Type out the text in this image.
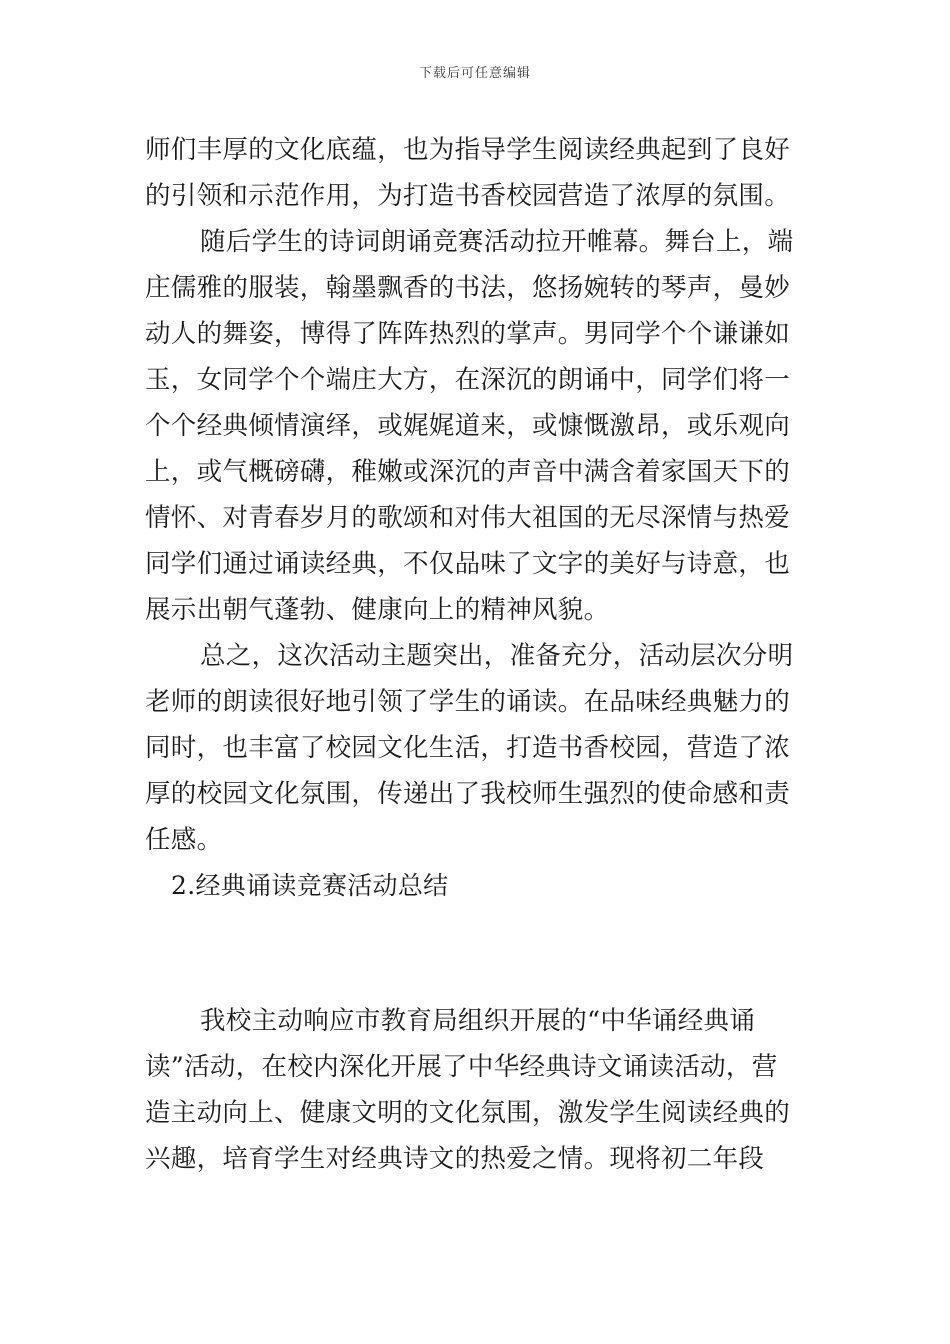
下载后可任意编辑
师们丰厚的文化底蕴，也为指导学生阅读经典起到了良好
的引领和示范作用，为打造书香校园营造了浓厚的氛围。
随后学生的诗词朗诵竞赛活动拉开帷幕。舞台上，端
庄儒雅的服装，翰墨飘香的书法，悠扬婉转的琴声，曼妙
动人的舞姿，博得了阵阵热烈的掌声。男同学个个谦谦如
玉，女同学个个端庄大方，在深沉的朗诵中，同学们将一
个个经典倾情演绎，或娓娓道来，或慷慨激昂，或乐观向
上，或气概磅礴，稚嫩或深沉的声音中满含着家国天下的
情怀、对青春岁月的歌颂和对伟大祖国的无尽深情与热爱
同学们通过诵读经典，不仅品味了文字的美好与诗意，也
展示出朝气蓬勃、健康向上的精神风貌。
总之，这次活动主题突出，准备充分，活动层次分明
老师的朗读很好地引领了学生的诵读。在品味经典魅力的
同时，也丰富了校园文化生活，打造书香校园，营造了浓
厚的校园文化氛围，传递出了我校师生强烈的使命感和责
任感。
2.经典诵读竞赛活动总结
我校主动响应市教育局组织开展的“中华诵经典诵
读”活动，在校内深化开展了中华经典诗文诵读活动，营
造主动向上、健康文明的文化氛围，激发学生阅读经典的
兴趣，培育学生对经典诗文的热爱之情。现将初二年段
